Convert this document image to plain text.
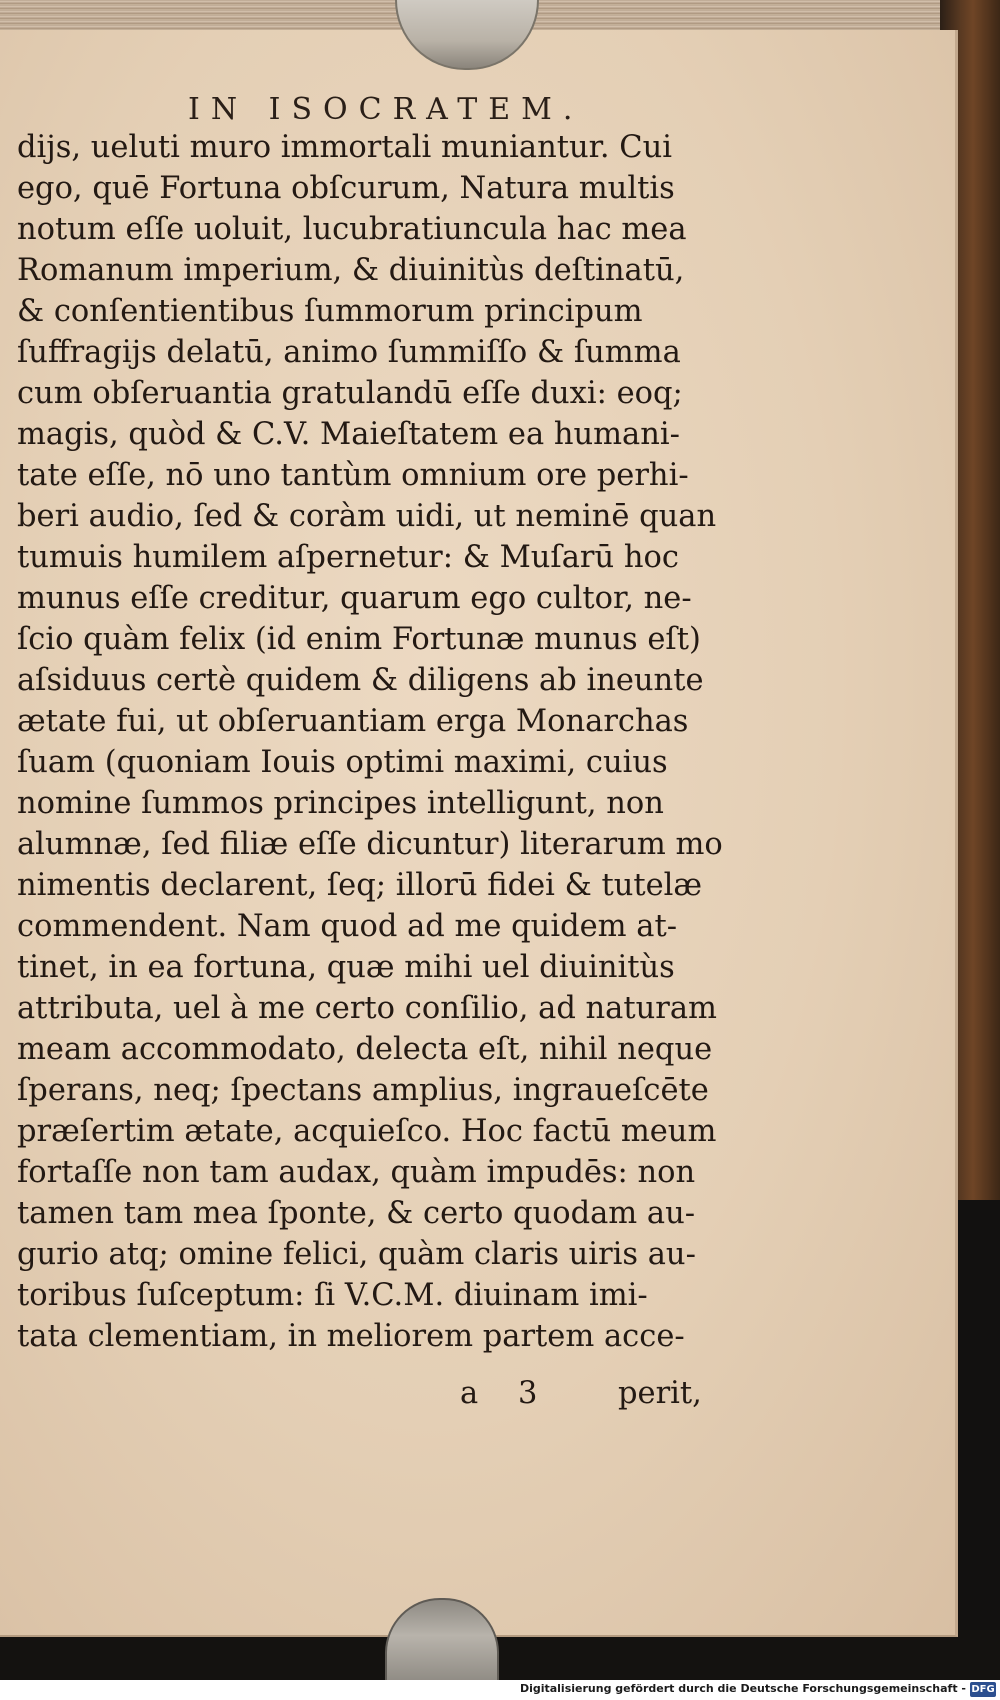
IN ISOCRATEM.
dijs, ueluti muro immortali muniantur. Cui
ego, quē Fortuna obſcurum, Natura multis
notum eſſe uoluit, lucubratiuncula hac mea
Romanum imperium, & diuinitùs deſtinatū,
& conſentientibus ſummorum principum
ſuffragijs delatū, animo ſummiſſo & ſumma
cum obſeruantia gratulandū eſſe duxi: eoq;
magis, quòd & C.V. Maieſtatem ea humani-
tate eſſe, nō uno tantùm omnium ore perhi-
beri audio, ſed & coràm uidi, ut neminē quan
tumuis humilem aſpernetur: & Muſarū hoc
munus eſſe creditur, quarum ego cultor, ne-
ſcio quàm felix (id enim Fortunæ munus eſt)
aſsiduus certè quidem & diligens ab ineunte
ætate fui, ut obſeruantiam erga Monarchas
ſuam (quoniam Iouis optimi maximi, cuius
nomine ſummos principes intelligunt, non
alumnæ, ſed filiæ eſſe dicuntur) literarum mo
nimentis declarent, ſeq; illorū fidei & tutelæ
commendent. Nam quod ad me quidem at-
tinet, in ea fortuna, quæ mihi uel diuinitùs
attributa, uel à me certo conſilio, ad naturam
meam accommodato, delecta eſt, nihil neque
ſperans, neq; ſpectans amplius, ingraueſcēte
præſertim ætate, acquieſco. Hoc factū meum
fortaſſe non tam audax, quàm impudēs: non
tamen tam mea ſponte, & certo quodam au-
gurio atq; omine felici, quàm claris uiris au-
toribus ſuſceptum: ſi V.C.M. diuinam imi-
tata clementiam, in meliorem partem acce-
a 3	perit,
Digitalisierung gefördert durch die Deutsche Forschungsgemeinschaft - DFG
